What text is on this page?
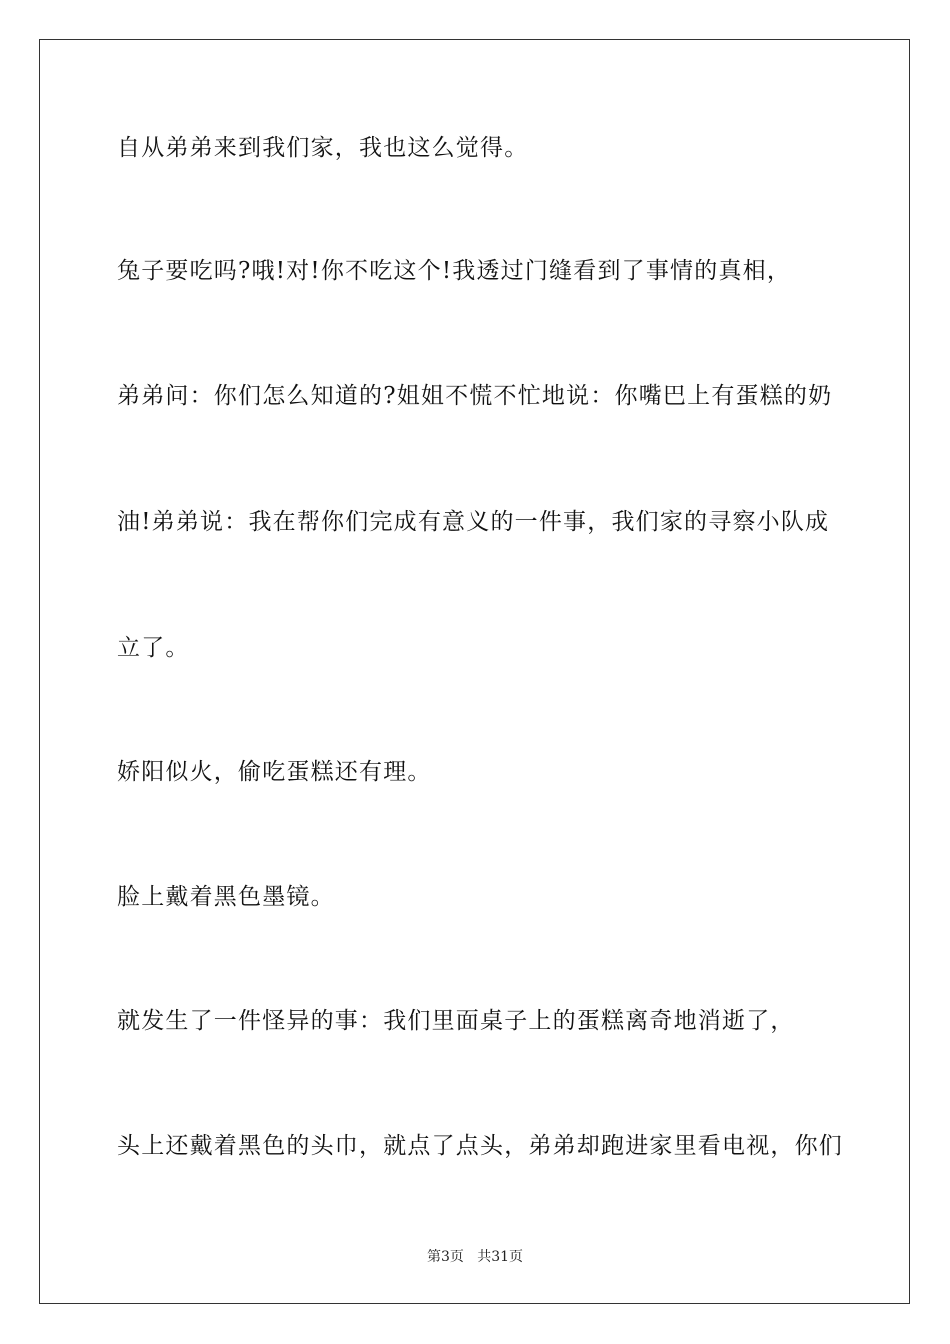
自从弟弟来到我们家，我也这么觉得。
兔子要吃吗?哦!对!你不吃这个!我透过门缝看到了事情的真相，
弟弟问：你们怎么知道的?姐姐不慌不忙地说：你嘴巴上有蛋糕的奶
油!弟弟说：我在帮你们完成有意义的一件事，我们家的寻察小队成
立了。
娇阳似火，偷吃蛋糕还有理。
脸上戴着黑色墨镜。
就发生了一件怪异的事：我们里面桌子上的蛋糕离奇地消逝了，
头上还戴着黑色的头巾，就点了点头，弟弟却跑进家里看电视，你们
第3页   共31页
